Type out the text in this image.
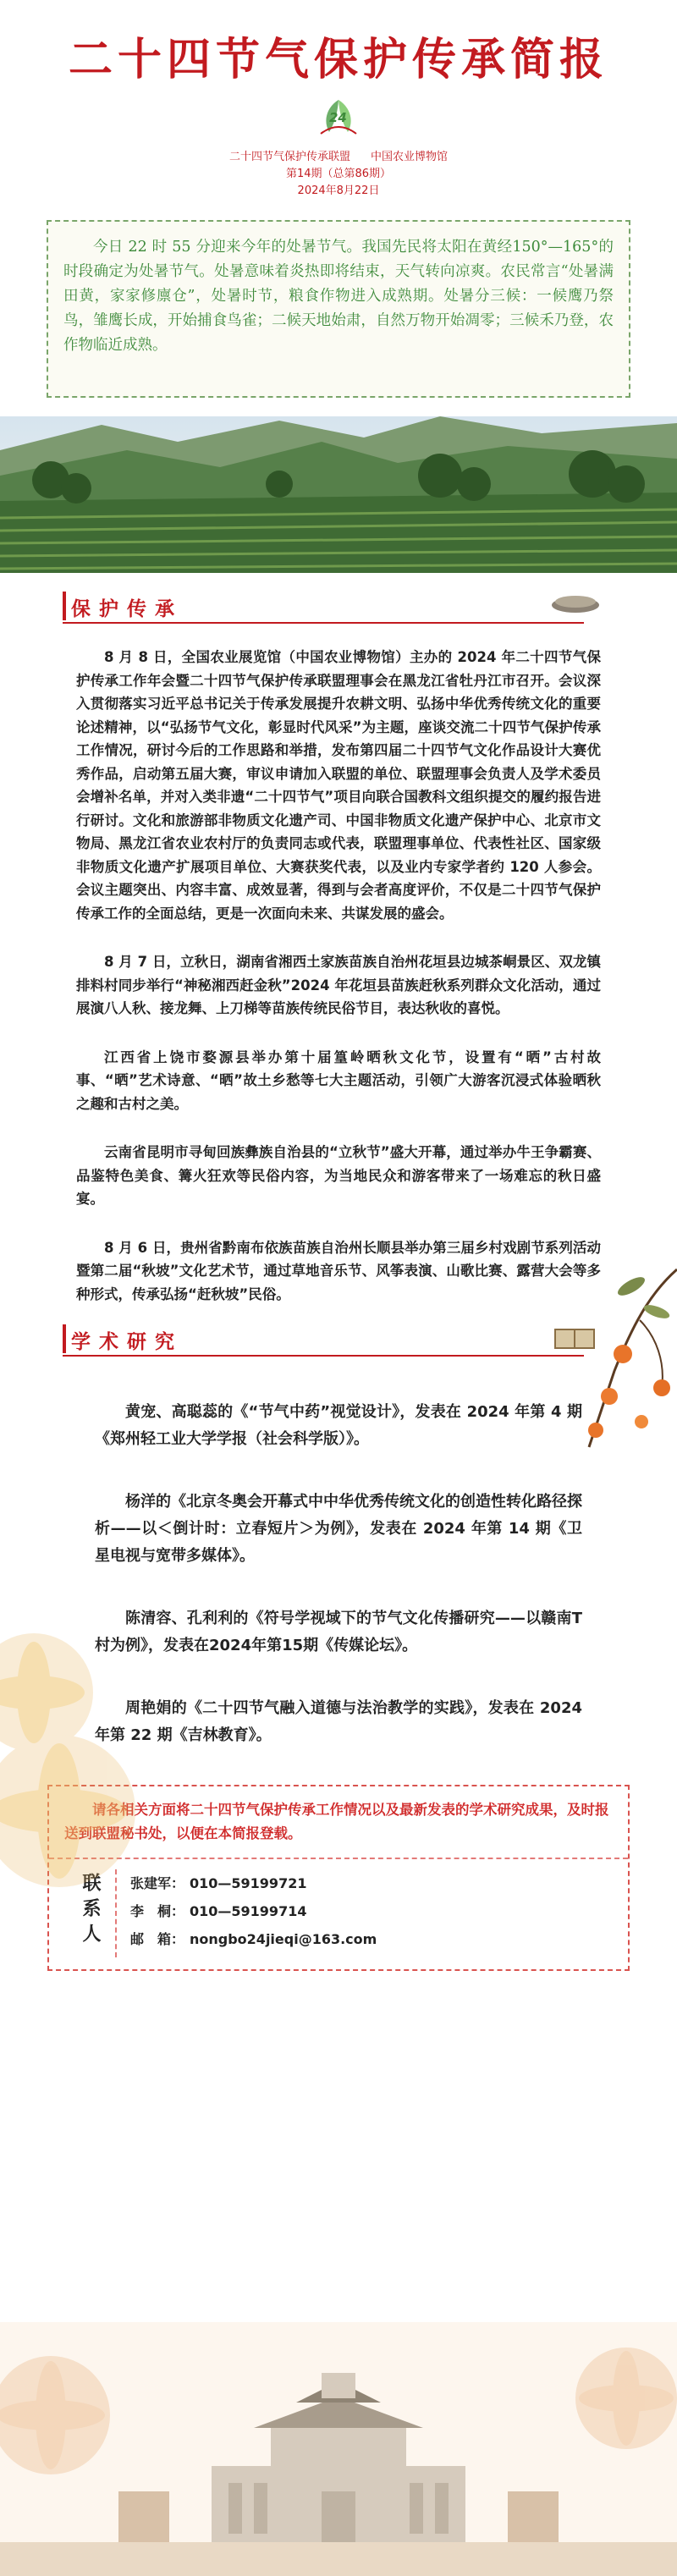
二十四节气保护传承简报
24
二十四节气保护传承联盟 中国农业博物馆
第14期（总第86期）
2024年8月22日

今日 22 时 55 分迎来今年的处暑节气。我国先民将太阳在黄经150°—165°的时段确定为处暑节气。处暑意味着炎热即将结束，天气转向凉爽。农民常言“处暑满田黄，家家修廪仓”，处暑时节，粮食作物进入成熟期。处暑分三候：一候鹰乃祭鸟，雏鹰长成，开始捕食鸟雀；二候天地始肃，自然万物开始凋零；三候禾乃登，农作物临近成熟。

保护传承

8 月 8 日，全国农业展览馆（中国农业博物馆）主办的 2024 年二十四节气保护传承工作年会暨二十四节气保护传承联盟理事会在黑龙江省牡丹江市召开。会议深入贯彻落实习近平总书记关于传承发展提升农耕文明、弘扬中华优秀传统文化的重要论述精神，以“弘扬节气文化，彰显时代风采”为主题，座谈交流二十四节气保护传承工作情况，研讨今后的工作思路和举措，发布第四届二十四节气文化作品设计大赛优秀作品，启动第五届大赛，审议申请加入联盟的单位、联盟理事会负责人及学术委员会增补名单，并对入类非遗“二十四节气”项目向联合国教科文组织提交的履约报告进行研讨。文化和旅游部非物质文化遗产司、中国非物质文化遗产保护中心、北京市文物局、黑龙江省农业农村厅的负责同志或代表，联盟理事单位、代表性社区、国家级非物质文化遗产扩展项目单位、大赛获奖代表，以及业内专家学者约 120 人参会。会议主题突出、内容丰富、成效显著，得到与会者高度评价，不仅是二十四节气保护传承工作的全面总结，更是一次面向未来、共谋发展的盛会。

8 月 7 日，立秋日，湖南省湘西土家族苗族自治州花垣县边城茶峒景区、双龙镇排料村同步举行“神秘湘西赶金秋”2024 年花垣县苗族赶秋系列群众文化活动，通过展演八人秋、接龙舞、上刀梯等苗族传统民俗节目，表达秋收的喜悦。

江西省上饶市婺源县举办第十届篁岭晒秋文化节，设置有“晒”古村故事、“晒”艺术诗意、“晒”故土乡愁等七大主题活动，引领广大游客沉浸式体验晒秋之趣和古村之美。

云南省昆明市寻甸回族彝族自治县的“立秋节”盛大开幕，通过举办牛王争霸赛、品鉴特色美食、篝火狂欢等民俗内容，为当地民众和游客带来了一场难忘的秋日盛宴。

8 月 6 日，贵州省黔南布依族苗族自治州长顺县举办第三届乡村戏剧节系列活动暨第二届“秋坡”文化艺术节，通过草地音乐节、风筝表演、山歌比赛、露营大会等多种形式，传承弘扬“赶秋坡”民俗。

学术研究

黄宠、高聪蕊的《“节气中药”视觉设计》，发表在 2024 年第 4 期《郑州轻工业大学学报（社会科学版）》。

杨洋的《北京冬奥会开幕式中中华优秀传统文化的创造性转化路径探析——以＜倒计时：立春短片＞为例》，发表在 2024 年第 14 期《卫星电视与宽带多媒体》。

陈清容、孔利利的《符号学视域下的节气文化传播研究——以赣南T村为例》，发表在2024年第15期《传媒论坛》。

周艳娟的《二十四节气融入道德与法治教学的实践》，发表在 2024 年第 22 期《吉林教育》。

请各相关方面将二十四节气保护传承工作情况以及最新发表的学术研究成果，及时报送到联盟秘书处，以便在本简报登载。

联系人	张建军： 010—59199721
李　桐： 010—59199714
邮　箱： nongbo24jieqi@163.com
